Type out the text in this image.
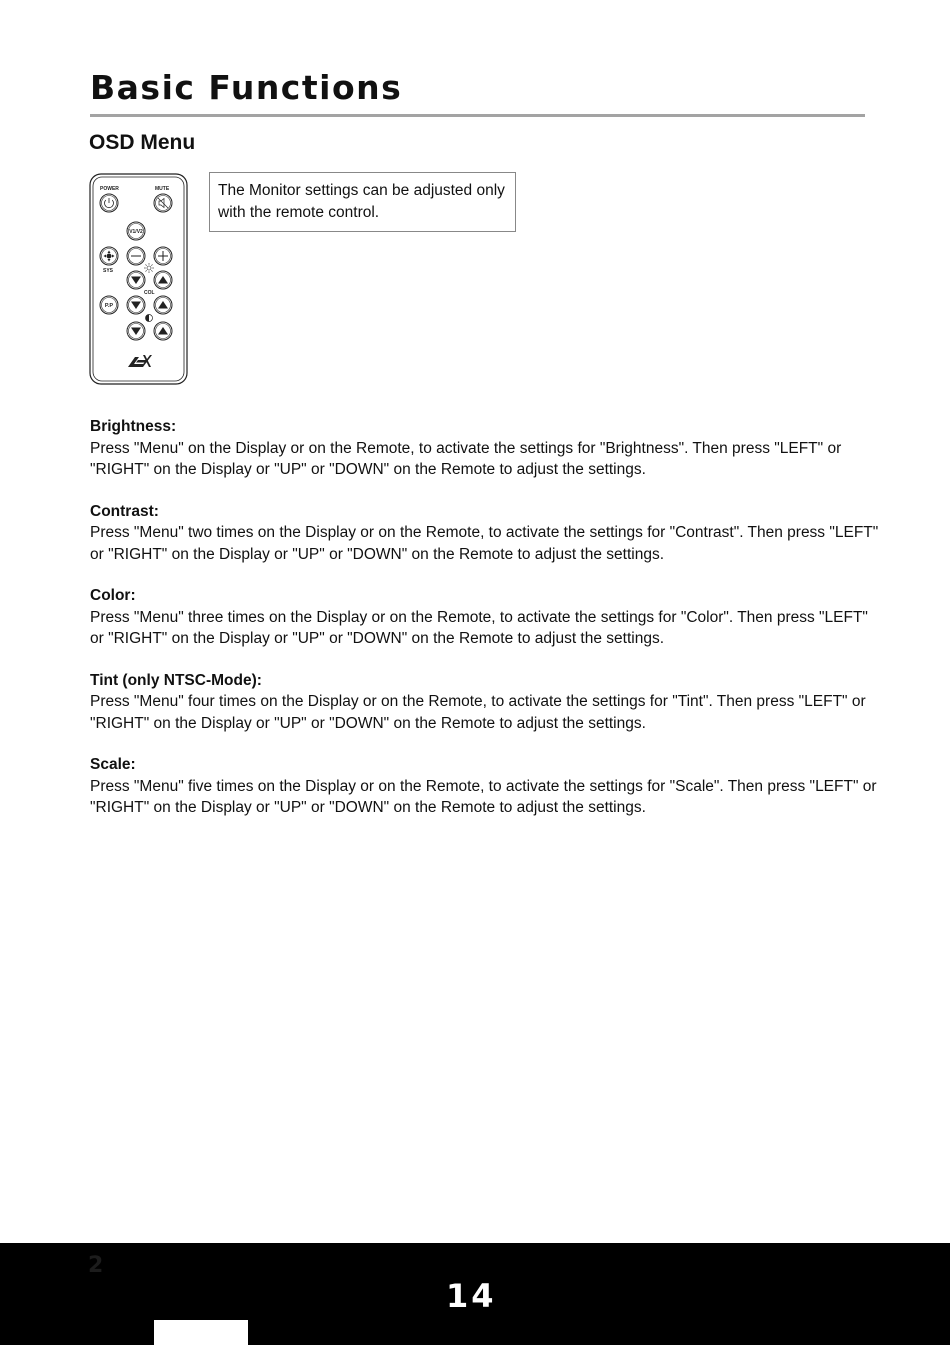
Basic Functions
OSD Menu
POWER	MUTE
V1/V2
SYS
COL
P.P
The Monitor settings can be adjusted only with the remote control.

Brightness:

Press "Menu" on the Display or on the Remote, to activate the settings for "Brightness". Then press "LEFT" or "RIGHT" on the Display or "UP" or "DOWN" on the Remote to adjust the settings.

Contrast:

Press "Menu" two times on the Display or on the Remote, to activate the settings for "Contrast". Then press "LEFT" or "RIGHT" on the Display or "UP" or "DOWN" on the Remote to adjust the settings.

Color:

Press "Menu" three times on the Display or on the Remote, to activate the settings for "Color". Then press "LEFT" or "RIGHT" on the Display or "UP" or "DOWN" on the Remote to adjust the settings.

Tint (only NTSC-Mode):

Press "Menu" four times on the Display or on the Remote, to activate the settings for "Tint". Then press "LEFT" or "RIGHT" on the Display or "UP" or "DOWN" on the Remote to adjust the settings.

Scale:

Press "Menu" five times on the Display or on the Remote, to activate the settings for "Scale". Then press "LEFT" or "RIGHT" on the Display or "UP" or "DOWN" on the Remote to adjust the settings.

2
14
